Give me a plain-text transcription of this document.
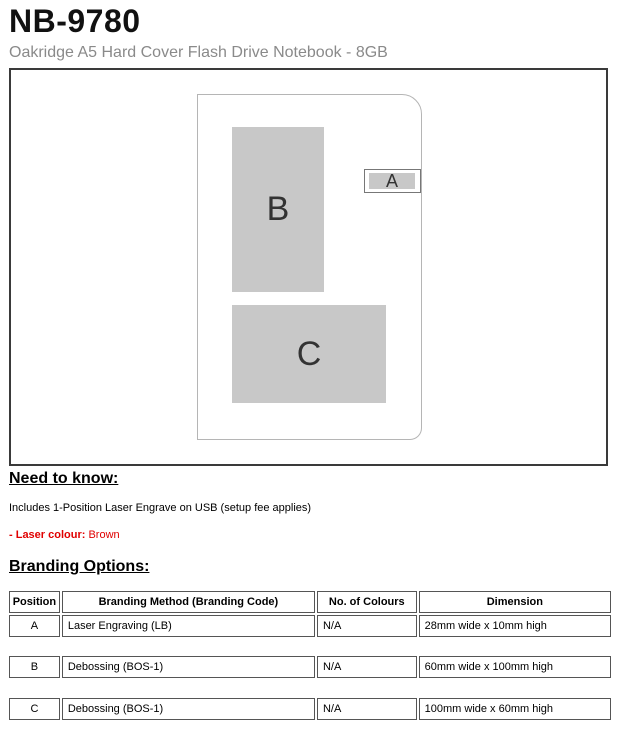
NB-9780
Oakridge A5 Hard Cover Flash Drive Notebook - 8GB
B
C
A
Need to know:
Includes 1-Position Laser Engrave on USB (setup fee applies)
- Laser colour: Brown
Branding Options:
Position	Branding Method (Branding Code)	No. of Colours	Dimension
A	Laser Engraving (LB)	N/A	28mm wide x 10mm high
B	Debossing (BOS-1)	N/A	60mm wide x 100mm high
C	Debossing (BOS-1)	N/A	100mm wide x 60mm high
